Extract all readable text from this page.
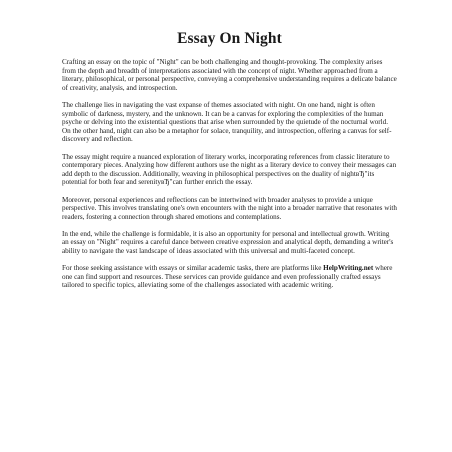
Essay On Night

Crafting an essay on the topic of "Night" can be both challenging and thought-provoking. The complexity arises from the depth and breadth of interpretations associated with the concept of night. Whether approached from a literary, philosophical, or personal perspective, conveying a comprehensive understanding requires a delicate balance of creativity, analysis, and introspection.

The challenge lies in navigating the vast expanse of themes associated with night. On one hand, night is often symbolic of darkness, mystery, and the unknown. It can be a canvas for exploring the complexities of the human psyche or delving into the existential questions that arise when surrounded by the quietude of the nocturnal world. On the other hand, night can also be a metaphor for solace, tranquility, and introspection, offering a canvas for self-discovery and reflection.

The essay might require a nuanced exploration of literary works, incorporating references from classic literature to contemporary pieces. Analyzing how different authors use the night as a literary device to convey their messages can add depth to the discussion. Additionally, weaving in philosophical perspectives on the duality of nightвЂ"its potential for both fear and serenityвЂ"can further enrich the essay.

Moreover, personal experiences and reflections can be intertwined with broader analyses to provide a unique perspective. This involves translating one's own encounters with the night into a broader narrative that resonates with readers, fostering a connection through shared emotions and contemplations.

In the end, while the challenge is formidable, it is also an opportunity for personal and intellectual growth. Writing an essay on "Night" requires a careful dance between creative expression and analytical depth, demanding a writer's ability to navigate the vast landscape of ideas associated with this universal and multi-faceted concept.

For those seeking assistance with essays or similar academic tasks, there are platforms like HelpWriting.net where one can find support and resources. These services can provide guidance and even professionally crafted essays tailored to specific topics, alleviating some of the challenges associated with academic writing.
